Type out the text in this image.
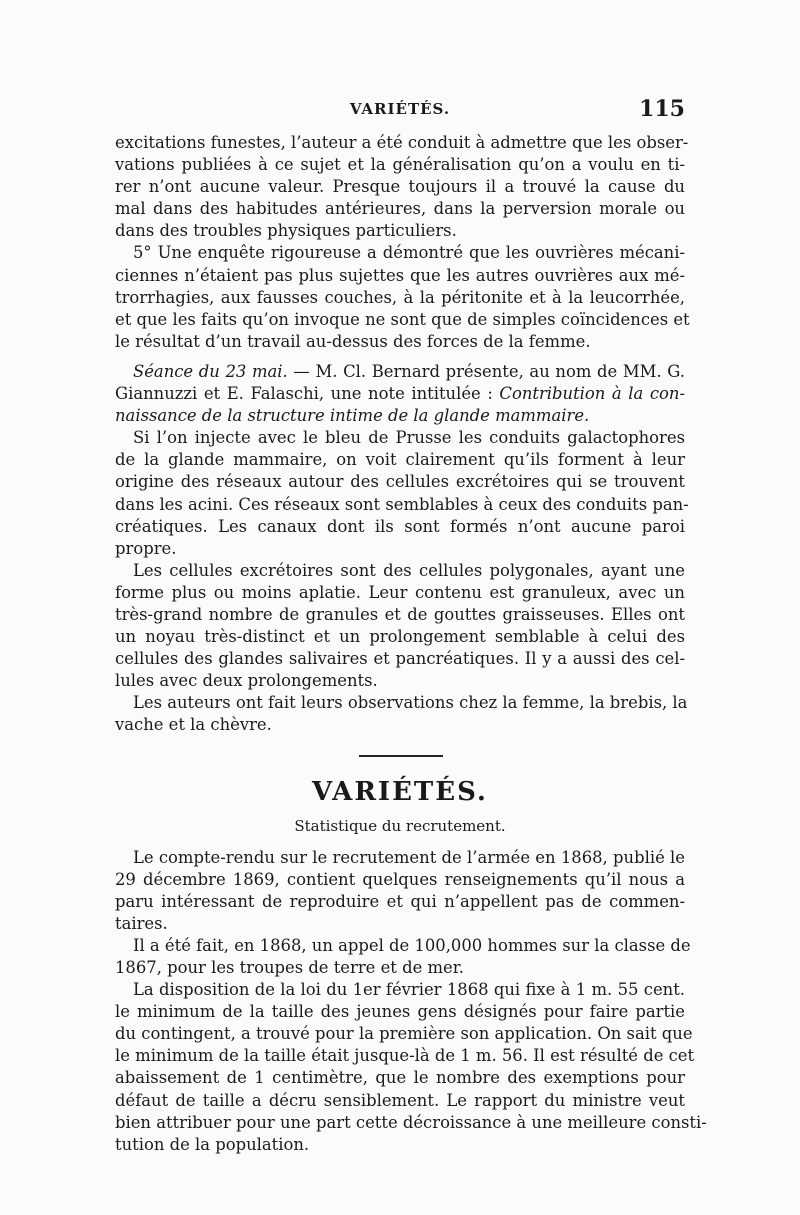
VARIÉTÉS.	115
excitations funestes, l’auteur a été conduit à admettre que les obser-
vations publiées à ce sujet et la généralisation qu’on a voulu en ti-
rer n’ont aucune valeur. Presque toujours il a trouvé la cause du
mal dans des habitudes antérieures, dans la perversion morale ou
dans des troubles physiques particuliers.
5° Une enquête rigoureuse a démontré que les ouvrières mécani-
ciennes n’étaient pas plus sujettes que les autres ouvrières aux mé-
trorrhagies, aux fausses couches, à la péritonite et à la leucorrhée,
et que les faits qu’on invoque ne sont que de simples coïncidences et
le résultat d’un travail au-dessus des forces de la femme.
Séance du 23 mai. — M. Cl. Bernard présente, au nom de MM. G.
Giannuzzi et E. Falaschi, une note intitulée : Contribution à la con-
naissance de la structure intime de la glande mammaire.
Si l’on injecte avec le bleu de Prusse les conduits galactophores
de la glande mammaire, on voit clairement qu’ils forment à leur
origine des réseaux autour des cellules excrétoires qui se trouvent
dans les acini. Ces réseaux sont semblables à ceux des conduits pan-
créatiques. Les canaux dont ils sont formés n’ont aucune paroi
propre.
Les cellules excrétoires sont des cellules polygonales, ayant une
forme plus ou moins aplatie. Leur contenu est granuleux, avec un
très-grand nombre de granules et de gouttes graisseuses. Elles ont
un noyau très-distinct et un prolongement semblable à celui des
cellules des glandes salivaires et pancréatiques. Il y a aussi des cel-
lules avec deux prolongements.
Les auteurs ont fait leurs observations chez la femme, la brebis, la
vache et la chèvre.
VARIÉTÉS.
Statistique du recrutement.
Le compte-rendu sur le recrutement de l’armée en 1868, publié le
29 décembre 1869, contient quelques renseignements qu’il nous a
paru intéressant de reproduire et qui n’appellent pas de commen-
taires.
Il a été fait, en 1868, un appel de 100,000 hommes sur la classe de
1867, pour les troupes de terre et de mer.
La disposition de la loi du 1er février 1868 qui fixe à 1 m. 55 cent.
le minimum de la taille des jeunes gens désignés pour faire partie
du contingent, a trouvé pour la première son application. On sait que
le minimum de la taille était jusque-là de 1 m. 56. Il est résulté de cet
abaissement de 1 centimètre, que le nombre des exemptions pour
défaut de taille a décru sensiblement. Le rapport du ministre veut
bien attribuer pour une part cette décroissance à une meilleure consti-
tution de la population.
